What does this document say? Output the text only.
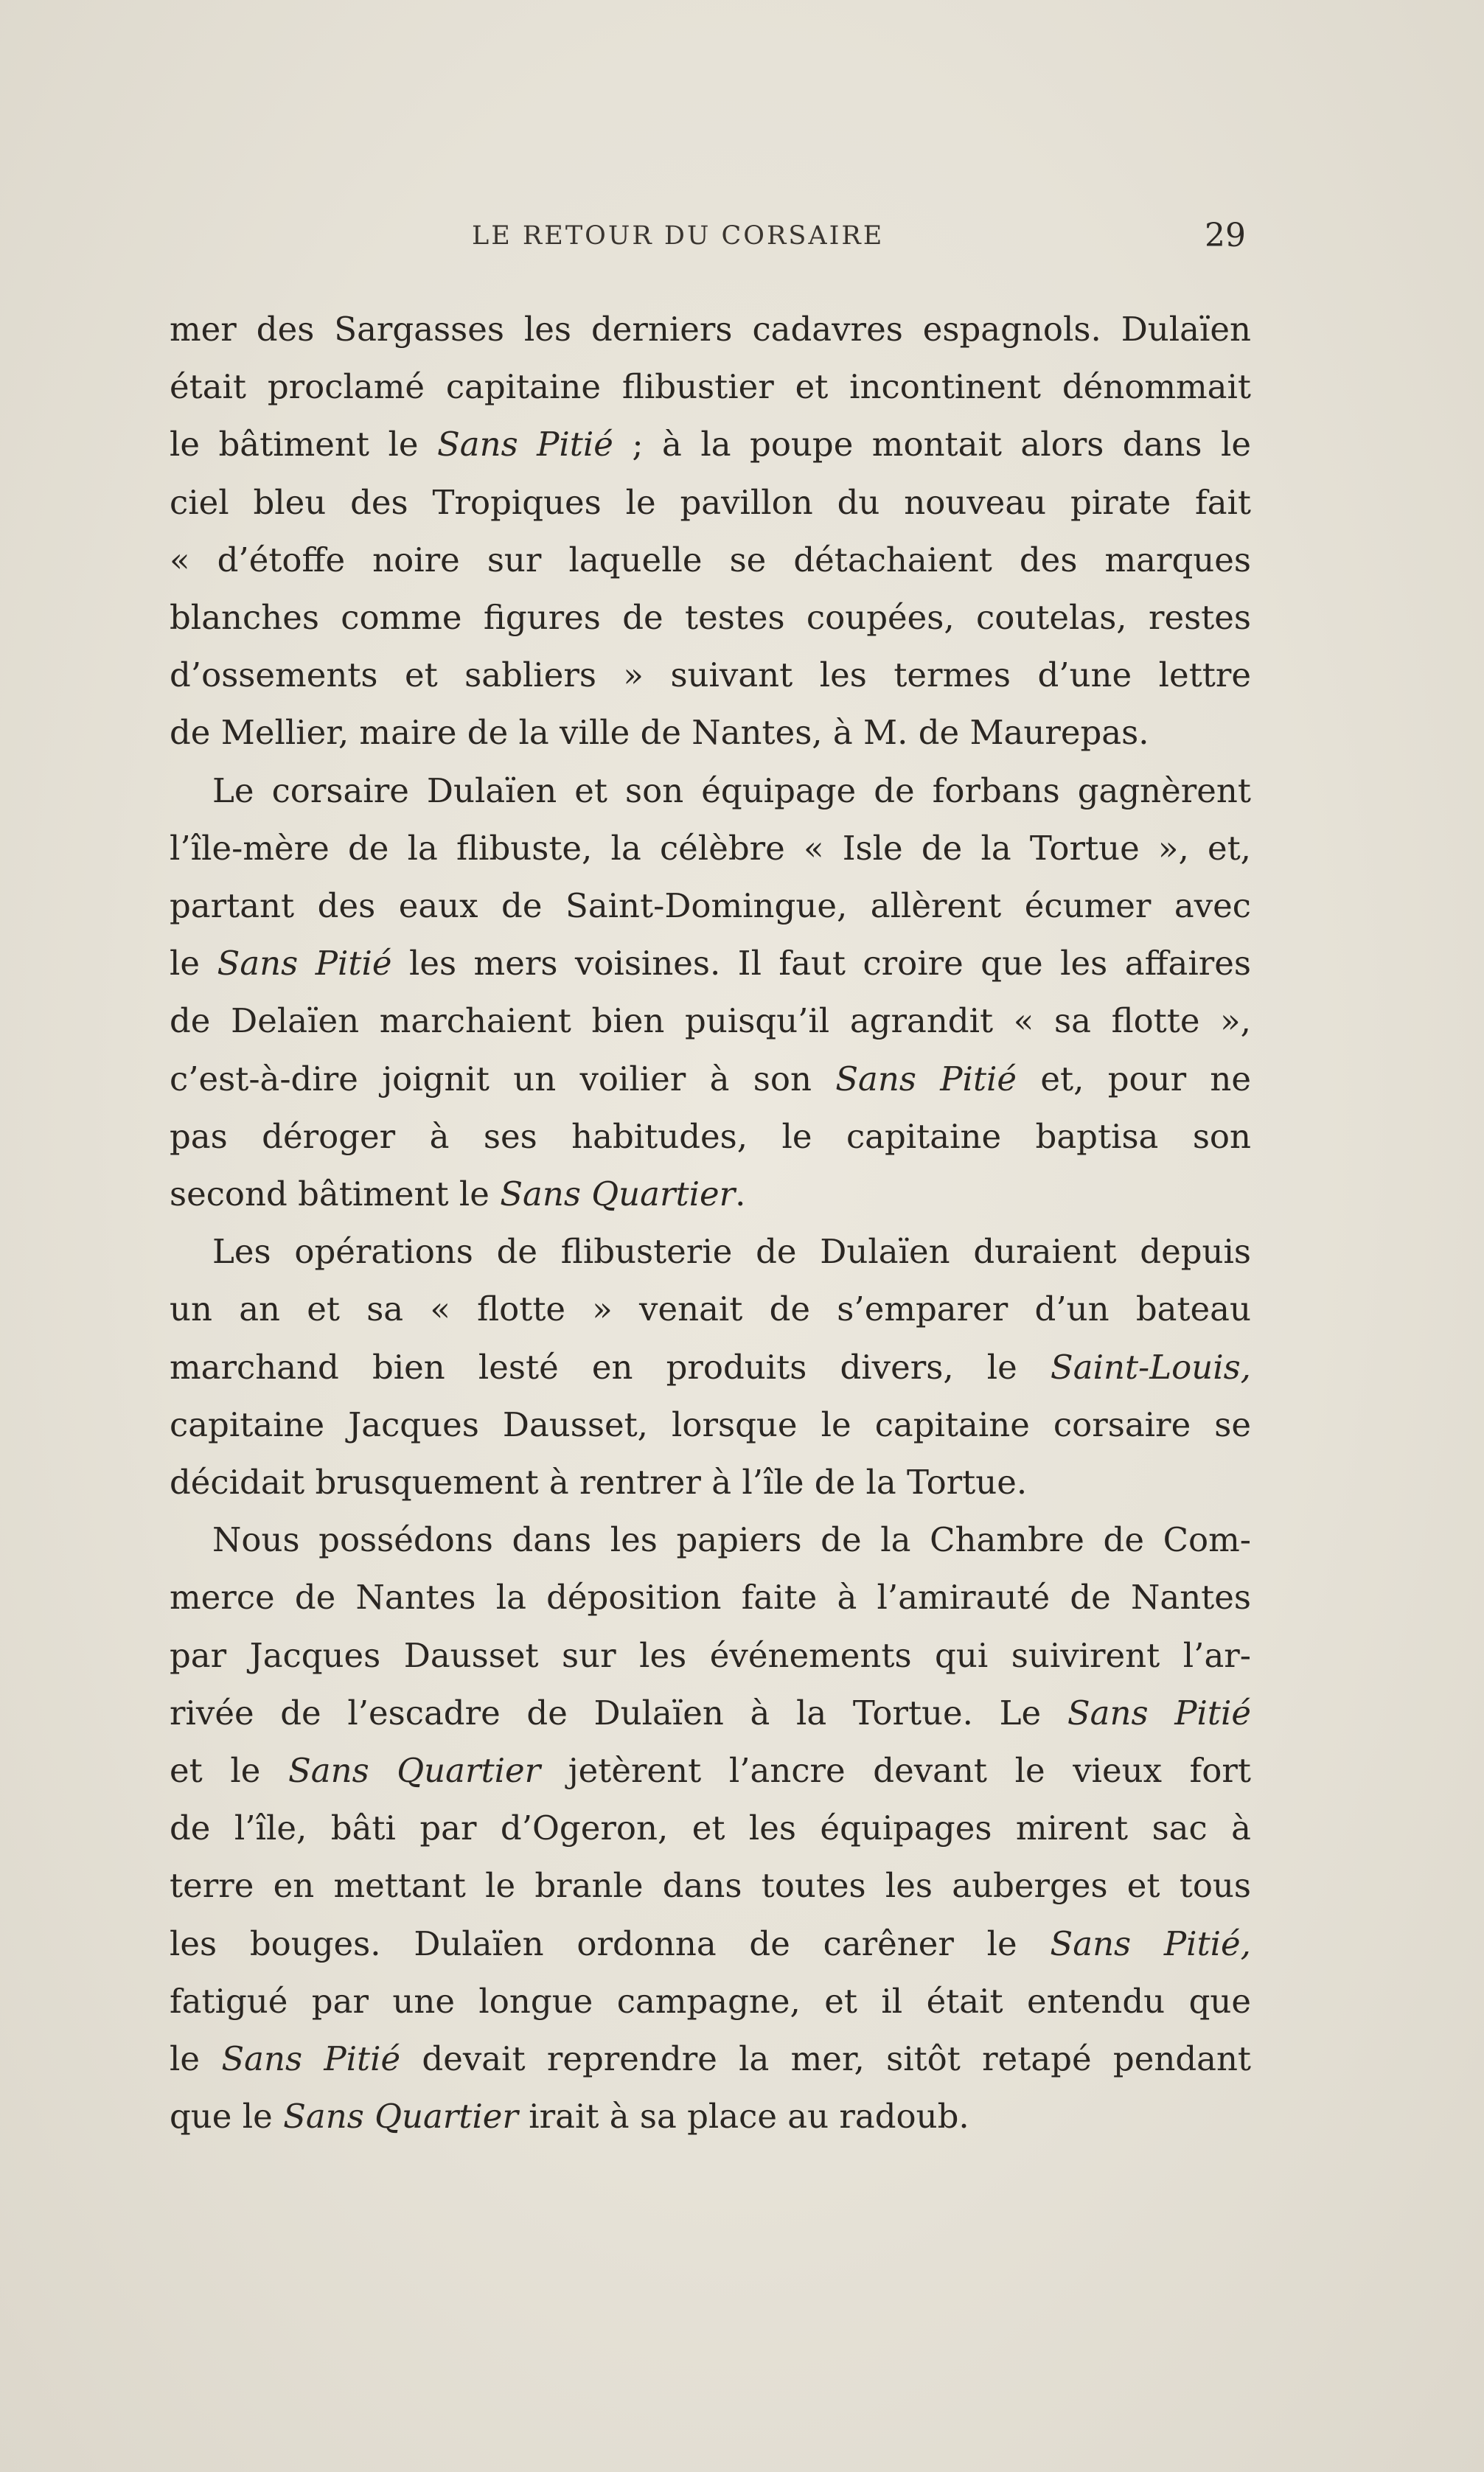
LE RETOUR DU CORSAIRE	29
mer des Sargasses les derniers cadavres espagnols. Dulaïen
était proclamé capitaine flibustier et incontinent dénommait
le bâtiment le Sans Pitié ; à la poupe montait alors dans le
ciel bleu des Tropiques le pavillon du nouveau pirate fait
« d’étoffe noire sur laquelle se détachaient des marques
blanches comme figures de testes coupées, coutelas, restes
d’ossements et sabliers » suivant les termes d’une lettre
de Mellier, maire de la ville de Nantes, à M. de Maurepas.
Le corsaire Dulaïen et son équipage de forbans gagnèrent
l’île-mère de la flibuste, la célèbre « Isle de la Tortue », et,
partant des eaux de Saint-Domingue, allèrent écumer avec
le Sans Pitié les mers voisines. Il faut croire que les affaires
de Delaïen marchaient bien puisqu’il agrandit « sa flotte »,
c’est-à-dire joignit un voilier à son Sans Pitié et, pour ne
pas déroger à ses habitudes, le capitaine baptisa son
second bâtiment le Sans Quartier.
Les opérations de flibusterie de Dulaïen duraient depuis
un an et sa « flotte » venait de s’emparer d’un bateau
marchand bien lesté en produits divers, le Saint-Louis,
capitaine Jacques Dausset, lorsque le capitaine corsaire se
décidait brusquement à rentrer à l’île de la Tortue.
Nous possédons dans les papiers de la Chambre de Com-
merce de Nantes la déposition faite à l’amirauté de Nantes
par Jacques Dausset sur les événements qui suivirent l’ar-
rivée de l’escadre de Dulaïen à la Tortue. Le Sans Pitié
et le Sans Quartier jetèrent l’ancre devant le vieux fort
de l’île, bâti par d’Ogeron, et les équipages mirent sac à
terre en mettant le branle dans toutes les auberges et tous
les bouges. Dulaïen ordonna de carêner le Sans Pitié,
fatigué par une longue campagne, et il était entendu que
le Sans Pitié devait reprendre la mer, sitôt retapé pendant
que le Sans Quartier irait à sa place au radoub.
